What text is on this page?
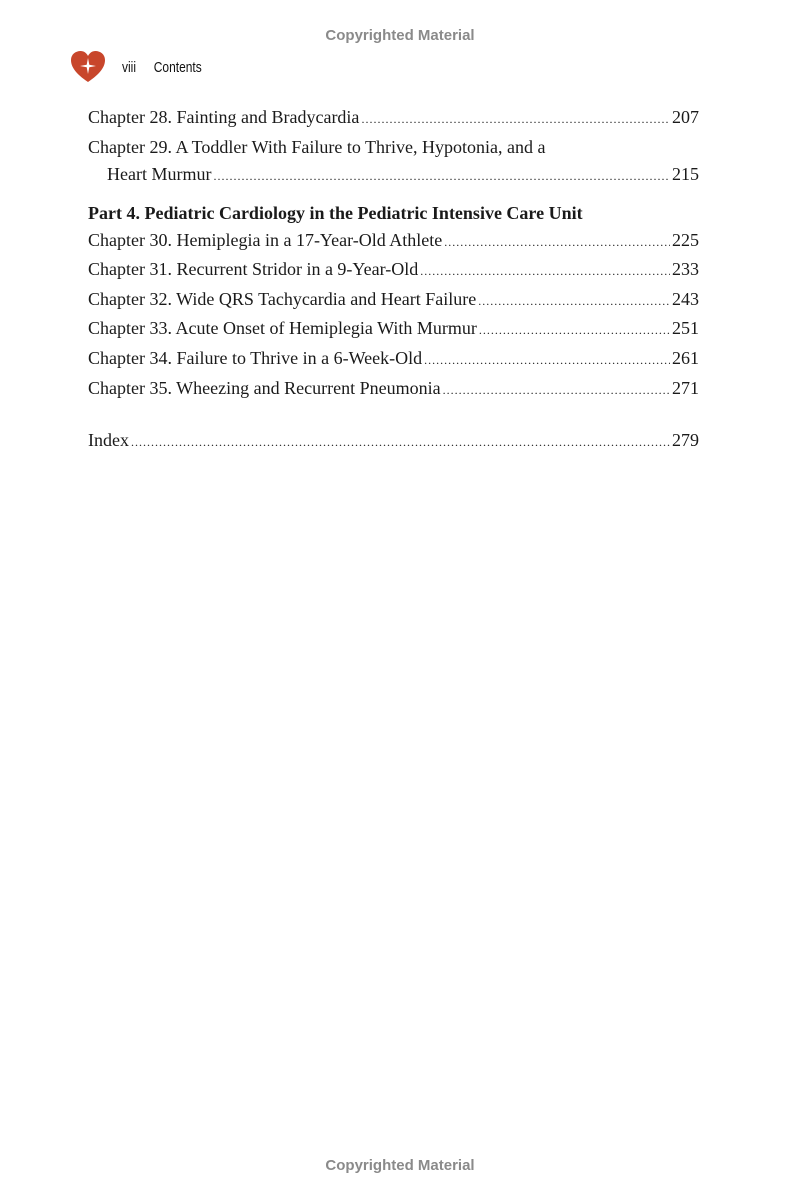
Copyrighted Material
viii Contents
Chapter 28. Fainting and Bradycardia .....	207
Chapter 29. A Toddler With Failure to Thrive, Hypotonia, and a
Heart Murmur .....	215
Part 4. Pediatric Cardiology in the Pediatric Intensive Care Unit
Chapter 30. Hemiplegia in a 17-Year-Old Athlete .....	225
Chapter 31. Recurrent Stridor in a 9-Year-Old .....	233
Chapter 32. Wide QRS Tachycardia and Heart Failure .....	243
Chapter 33. Acute Onset of Hemiplegia With Murmur .....	251
Chapter 34. Failure to Thrive in a 6-Week-Old .....	261
Chapter 35. Wheezing and Recurrent Pneumonia .....	271
Index .....	279
Copyrighted Material
